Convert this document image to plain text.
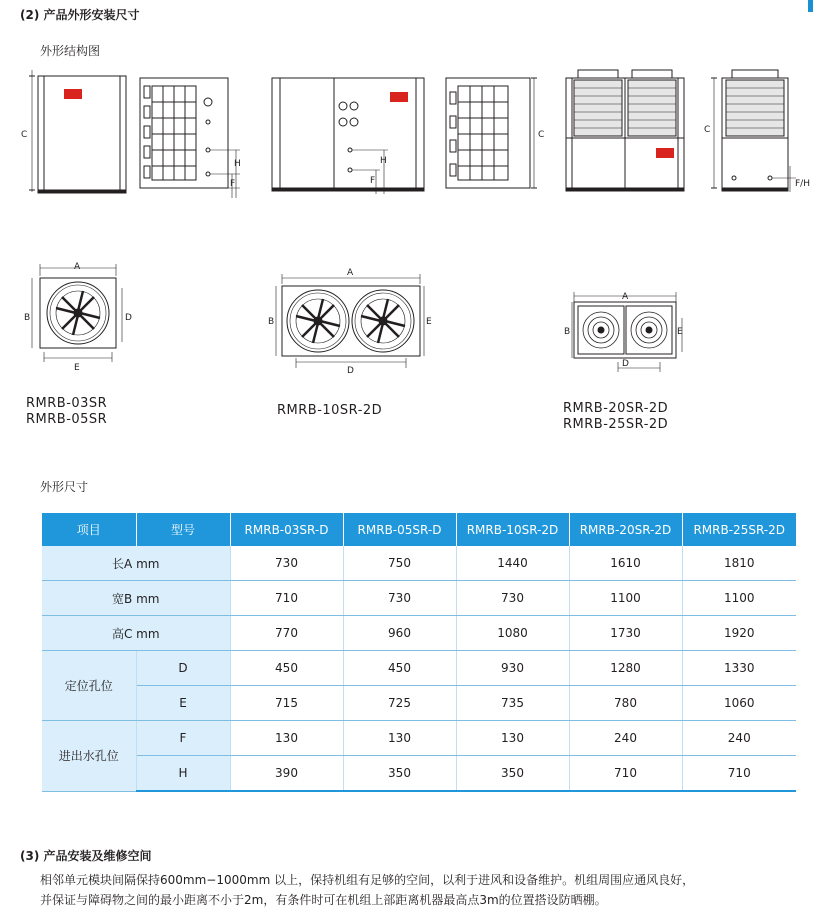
(2) 产品外形安装尺寸
外形结构图
C
H
F
H
F
C	C
F/H
A
B	D
E
A
B	E
D
A
B	E
D
RMRB-03SR
RMRB-05SR
RMRB-10SR-2D	RMRB-20SR-2D
RMRB-25SR-2D
外形尺寸
项目	型号	RMRB-03SR-D	RMRB-05SR-D	RMRB-10SR-2D	RMRB-20SR-2D	RMRB-25SR-2D
长A mm		730	750	1440	1610	1810
宽B mm		710	730	730	1100	1100
高C mm		770	960	1080	1730	1920
定位孔位	D	450	450	930	1280	1330
	E	715	725	735	780	1060
进出水孔位	F	130	130	130	240	240
	H	390	350	350	710	710
(3) 产品安装及维修空间
相邻单元模块间隔保持600mm−1000mm 以上，保持机组有足够的空间，以利于进风和设备维护。机组周围应通风良好，
并保证与障碍物之间的最小距离不小于2m，有条件时可在机组上部距离机器最高点3m的位置搭设防晒棚。
